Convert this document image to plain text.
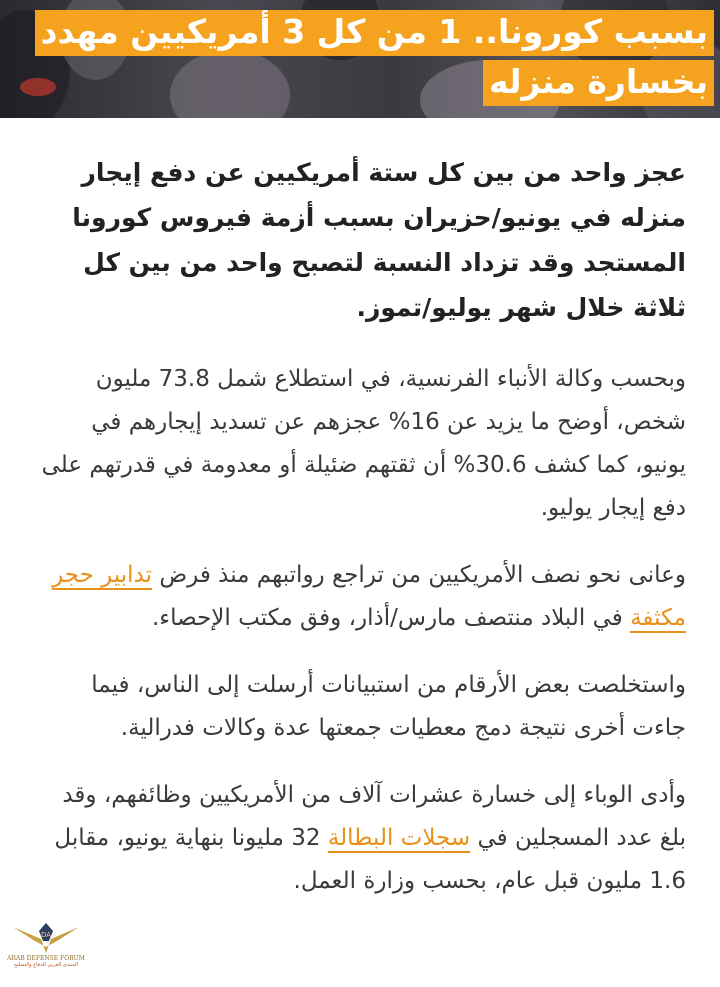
بسبب كورونا.. 1 من كل 3 أمريكيين مهدد
بخسارة منزله

عجز واحد من بين كل ستة أمريكيين عن دفع إيجار منزله في يونيو/حزيران بسبب أزمة فيروس كورونا المستجد وقد تزداد النسبة لتصبح واحد من بين كل ثلاثة خلال شهر يوليو/تموز.

وبحسب وكالة الأنباء الفرنسية، في استطلاع شمل 73.8 مليون شخص، أوضح ما يزيد عن 16% عجزهم عن تسديد إيجارهم في يونيو، كما كشف 30.6% أن ثقتهم ضئيلة أو معدومة في قدرتهم على دفع إيجار يوليو.

وعانى نحو نصف الأمريكيين من تراجع رواتبهم منذ فرض تدابير حجر مكثفة في البلاد منتصف مارس/أذار، وفق مكتب الإحصاء.

واستخلصت بعض الأرقام من استبيانات أرسلت إلى الناس، فيما جاءت أخرى نتيجة دمج معطيات جمعتها عدة وكالات فدرالية.

وأدى الوباء إلى خسارة عشرات آلاف من الأمريكيين وظائفهم، وقد بلغ عدد المسجلين في سجلات البطالة 32 مليونا بنهاية يونيو، مقابل 1.6 مليون قبل عام، بحسب وزارة العمل.

DA
ARAB DEFENSE FORUM
المنتدى العربي للدفاع والتسليح
